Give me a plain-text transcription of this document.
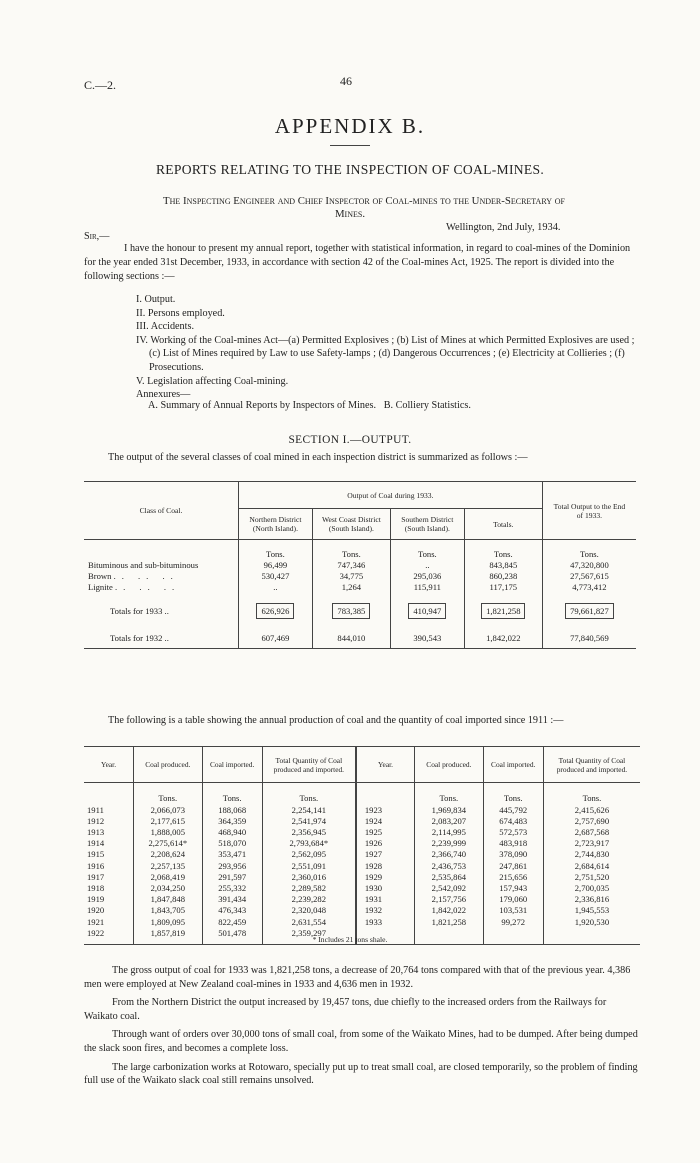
C.—2.	46
APPENDIX B.
REPORTS RELATING TO THE INSPECTION OF COAL-MINES.
The Inspecting Engineer and Chief Inspector of Coal-mines to the Under-Secretary of
Mines.
Wellington, 2nd July, 1934.
Sir,—

I have the honour to present my annual report, together with statistical information, in regard to coal-mines of the Dominion for the year ended 31st December, 1933, in accordance with section 42 of the Coal-mines Act, 1925. The report is divided into the following sections :—

I. Output.
II. Persons employed.
III. Accidents.
IV. Working of the Coal-mines Act—(a) Permitted Explosives ; (b) List of Mines at which Permitted Explosives are used ; (c) List of Mines required by Law to use Safety-lamps ; (d) Dangerous Occurrences ; (e) Electricity at Collieries ; (f) Prosecutions.
V. Legislation affecting Coal-mining.
Annexures—
A. Summary of Annual Reports by Inspectors of Mines.   B. Colliery Statistics.
SECTION I.—OUTPUT.

The output of the several classes of coal mined in each inspection district is summarized as follows :—

Class of Coal.	Output of Coal during 1933.				Total Output to the End of 1933.
	Northern District (North Island).	West Coast District (South Island).	Southern District (South Island).	Totals.	
	Tons.	Tons.	Tons.	Tons.	Tons.
Bituminous and sub-bituminous	96,499	747,346	..	843,845	47,320,800
Brown .. .. ..	530,427	34,775	295,036	860,238	27,567,615
Lignite .. .. ..	..	1,264	115,911	117,175	4,773,412

Totals for 1933 ..	626,926	783,385	410,947	1,821,258	79,661,827

Totals for 1932 ..	607,469	844,010	390,543	1,842,022	77,840,569

The following is a table showing the annual production of coal and the quantity of coal imported since 1911 :—

Year.	Coal produced.	Coal imported.	Total Quantity of Coal produced and imported.	Year.	Coal produced.	Coal imported.	Total Quantity of Coal produced and imported.
	Tons.	Tons.	Tons.		Tons.	Tons.	Tons.
1911	2,066,073	188,068	2,254,141	1923	1,969,834	445,792	2,415,626
1912	2,177,615	364,359	2,541,974	1924	2,083,207	674,483	2,757,690
1913	1,888,005	468,940	2,356,945	1925	2,114,995	572,573	2,687,568
1914	2,275,614*	518,070	2,793,684*	1926	2,239,999	483,918	2,723,917
1915	2,208,624	353,471	2,562,095	1927	2,366,740	378,090	2,744,830
1916	2,257,135	293,956	2,551,091	1928	2,436,753	247,861	2,684,614
1917	2,068,419	291,597	2,360,016	1929	2,535,864	215,656	2,751,520
1918	2,034,250	255,332	2,289,582	1930	2,542,092	157,943	2,700,035
1919	1,847,848	391,434	2,239,282	1931	2,157,756	179,060	2,336,816
1920	1,843,705	476,343	2,320,048	1932	1,842,022	103,531	1,945,553
1921	1,809,095	822,459	2,631,554	1933	1,821,258	99,272	1,920,530
1922	1,857,819	501,478	2,359,297				

* Includes 21 tons shale.

The gross output of coal for 1933 was 1,821,258 tons, a decrease of 20,764 tons compared with that of the previous year. 4,386 men were employed at New Zealand coal-mines in 1933 and 4,636 men in 1932.

From the Northern District the output increased by 19,457 tons, due chiefly to the increased orders from the Railways for Waikato coal.

Through want of orders over 30,000 tons of small coal, from some of the Waikato Mines, had to be dumped. After being dumped the slack soon fires, and becomes a complete loss.

The large carbonization works at Rotowaro, specially put up to treat small coal, are closed temporarily, so the problem of finding full use of the Waikato slack coal still remains unsolved.
